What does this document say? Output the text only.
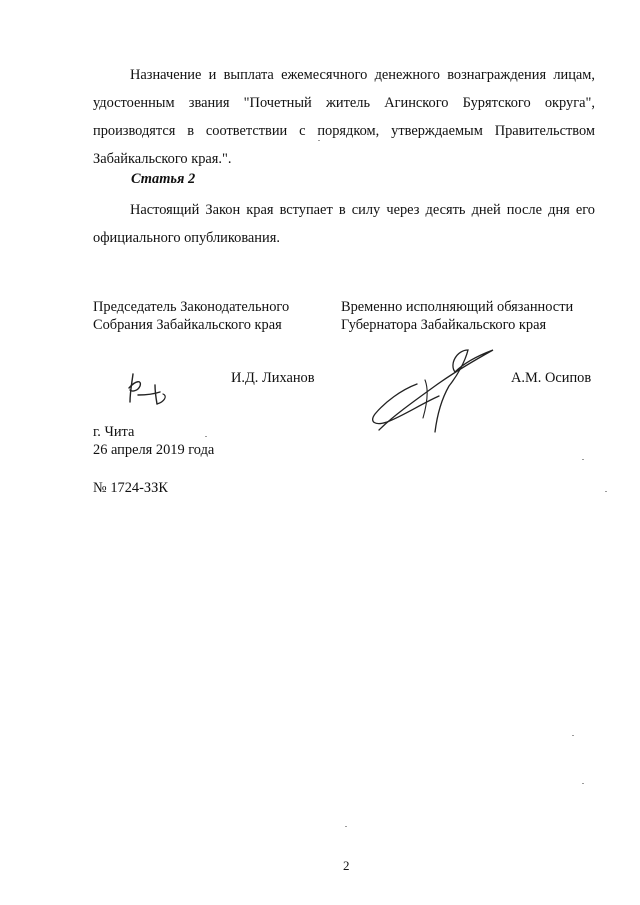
Назначение и выплата ежемесячного денежного вознаграждения лицам, удостоенным звания "Почетный житель Агинского Бурятского округа", производятся в соответствии с порядком, утверждаемым Правительством Забайкальского края.".

Статья 2

Настоящий Закон края вступает в силу через десять дней после дня его официального опубликования.

Председатель Законодательного
Собрания Забайкальского края
Временно исполняющий обязанности
Губернатора Забайкальского края
И.Д. Лиханов	А.М. Осипов
г. Чита
26 апреля 2019 года
№ 1724-ЗЗК
2
